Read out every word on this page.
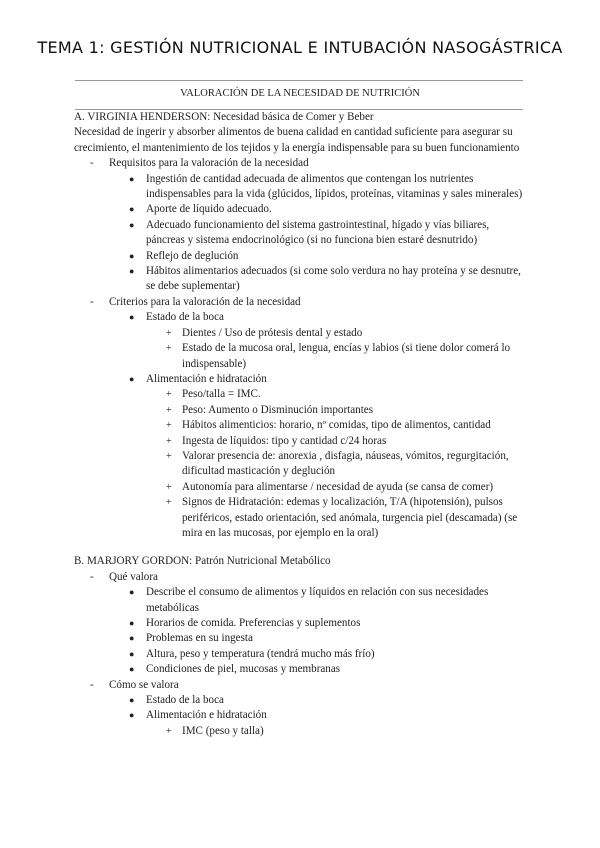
TEMA 1: GESTIÓN NUTRICIONAL E INTUBACIÓN NASOGÁSTRICA
VALORACIÓN DE LA NECESIDAD DE NUTRICIÓN
A. VIRGINIA HENDERSON: Necesidad básica de Comer y Beber
Necesidad de ingerir y absorber alimentos de buena calidad en cantidad suficiente para asegurar su crecimiento, el mantenimiento de los tejidos y la energía indispensable para su buen funcionamiento
- Requisitos para la valoración de la necesidad
● Ingestión de cantidad adecuada de alimentos que contengan los nutrientes indispensables para la vida (glúcidos, lípidos, proteínas, vitaminas y sales minerales)
● Aporte de líquido adecuado.
● Adecuado funcionamiento del sistema gastrointestinal, hígado y vías biliares, páncreas y sistema endocrinológico (si no funciona bien estaré desnutrido)
● Reflejo de deglución
● Hábitos alimentarios adecuados (si come solo verdura no hay proteína y se desnutre, se debe suplementar)
- Criterios para la valoración de la necesidad
● Estado de la boca
+ Dientes / Uso de prótesis dental y estado
+ Estado de la mucosa oral, lengua, encías y labios (si tiene dolor comerá lo indispensable)
● Alimentación e hidratación
+ Peso/talla = IMC.
+ Peso: Aumento o Disminución importantes
+ Hábitos alimenticios: horario, nº comidas, tipo de alimentos, cantidad
+ Ingesta de líquidos: tipo y cantidad c/24 horas
+ Valorar presencia de: anorexia , disfagia, náuseas, vómitos, regurgitación, dificultad masticación y deglución
+ Autonomía para alimentarse / necesidad de ayuda (se cansa de comer)
+ Signos de Hidratación: edemas y localización, T/A (hipotensión), pulsos periféricos, estado orientación, sed anómala, turgencia piel (descamada) (se mira en las mucosas, por ejemplo en la oral)
B. MARJORY GORDON: Patrón Nutricional Metabólico
- Qué valora
● Describe el consumo de alimentos y líquidos en relación con sus necesidades metabólicas
● Horarios de comida. Preferencias y suplementos
● Problemas en su ingesta
● Altura, peso y temperatura (tendrá mucho más frío)
● Condiciones de piel, mucosas y membranas
- Cómo se valora
● Estado de la boca
● Alimentación e hidratación
+ IMC (peso y talla)
